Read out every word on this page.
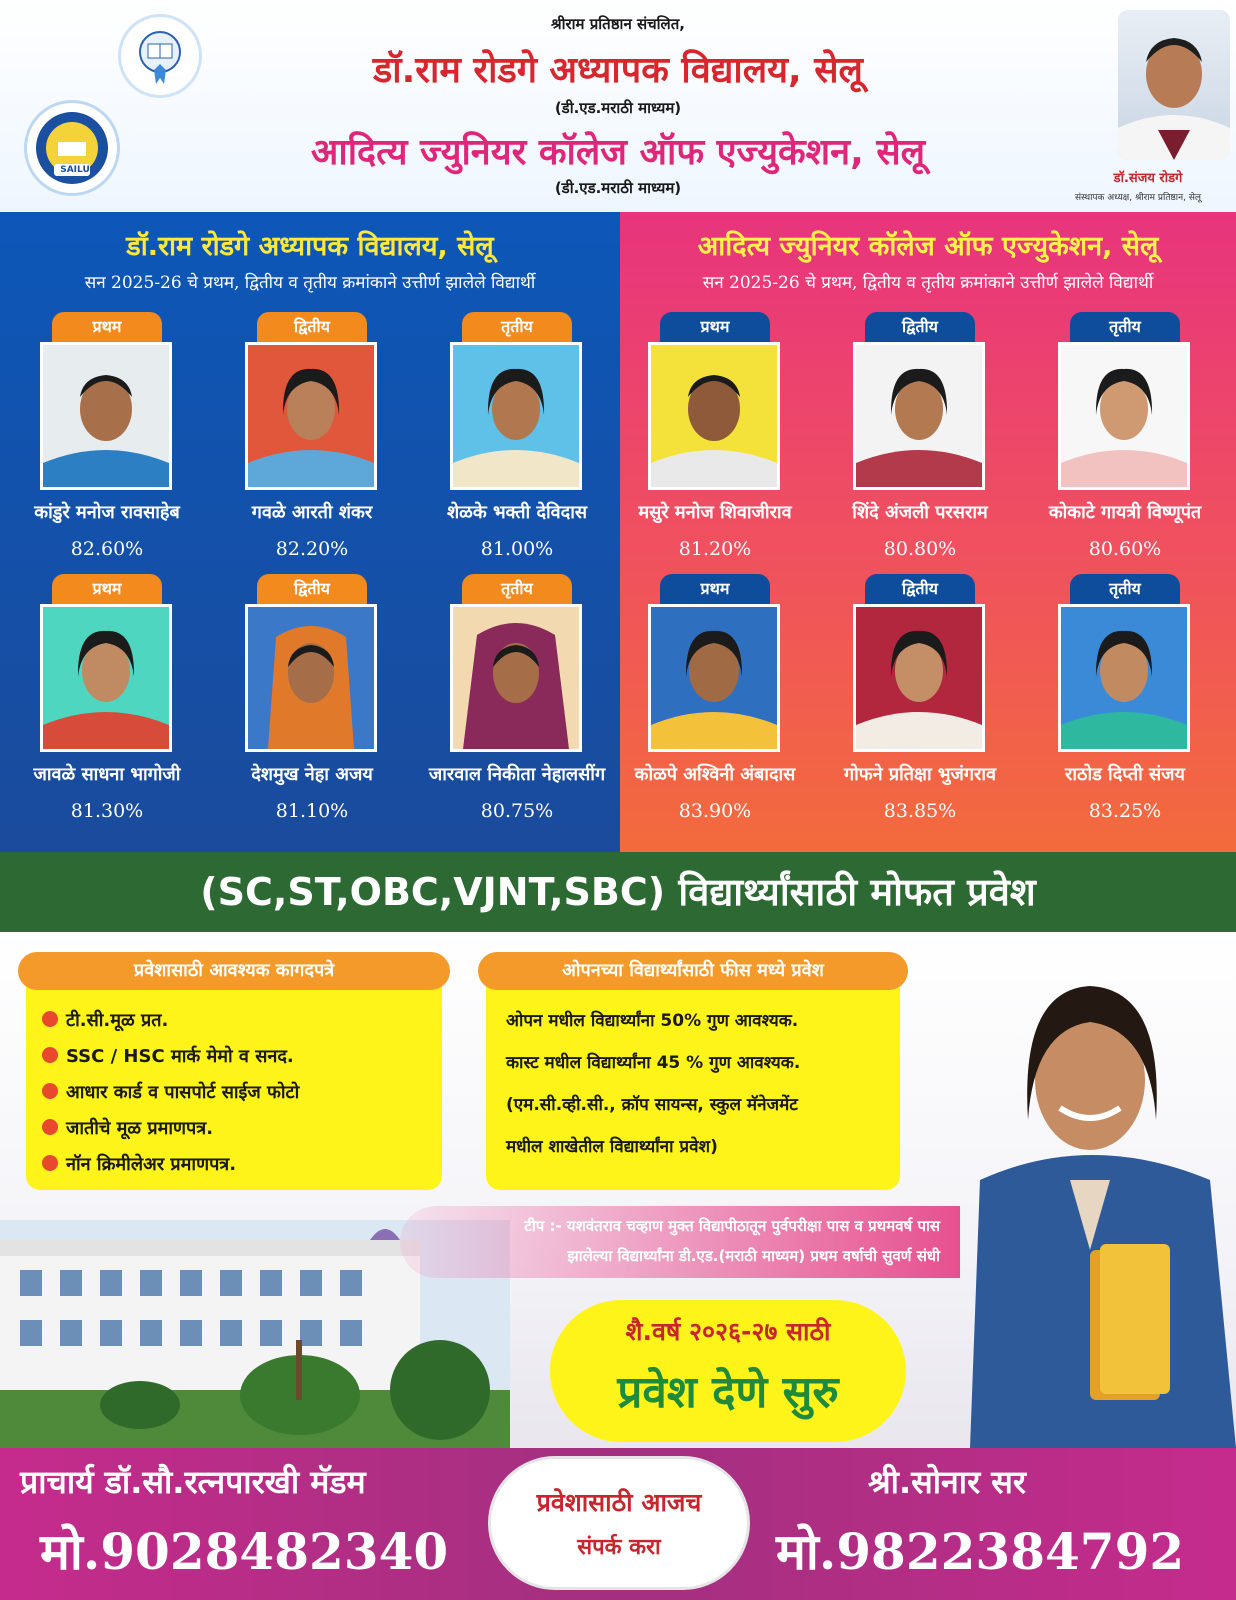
SAILU
श्रीराम प्रतिष्ठान संचलित,
डॉ.राम रोडगे अध्यापक विद्यालय, सेलू
(डी.एड.मराठी माध्यम)
आदित्य ज्युनियर कॉलेज ऑफ एज्युकेशन, सेलू
(डी.एड.मराठी माध्यम)
डॉ.संजय रोडगे
संस्थापक अध्यक्ष, श्रीराम प्रतिष्ठान, सेलू
डॉ.राम रोडगे अध्यापक विद्यालय, सेलू
सन 2025-26 चे प्रथम, द्वितीय व तृतीय क्रमांकाने उत्तीर्ण झालेले विद्यार्थी
प्रथम
कांडुरे मनोज रावसाहेब
82.60%
द्वितीय
गवळे आरती शंकर
82.20%
तृतीय
शेळके भक्ती देविदास
81.00%
प्रथम
जावळे साधना भागोजी
81.30%
द्वितीय
देशमुख नेहा अजय
81.10%
तृतीय
जारवाल निकीता नेहालसींग
80.75%
आदित्य ज्युनियर कॉलेज ऑफ एज्युकेशन, सेलू
सन 2025-26 चे प्रथम, द्वितीय व तृतीय क्रमांकाने उत्तीर्ण झालेले विद्यार्थी
प्रथम
मसुरे मनोज शिवाजीराव
81.20%
द्वितीय
शिंदे अंजली परसराम
80.80%
तृतीय
कोकाटे गायत्री विष्णूपंत
80.60%
प्रथम
कोळपे अश्विनी अंबादास
83.90%
द्वितीय
गोफने प्रतिक्षा भुजंगराव
83.85%
तृतीय
राठोड दिप्ती संजय
83.25%
(SC,ST,OBC,VJNT,SBC) विद्यार्थ्यांसाठी मोफत प्रवेश
प्रवेशासाठी आवश्यक कागदपत्रे
टी.सी.मूळ प्रत.
SSC / HSC मार्क मेमो व सनद.
आधार कार्ड व पासपोर्ट साईज फोटो
जातीचे मूळ प्रमाणपत्र.
नॉन क्रिमीलेअर प्रमाणपत्र.
ओपनच्या विद्यार्थ्यांसाठी फीस मध्ये प्रवेश
ओपन मधील विद्यार्थ्यांना 50% गुण आवश्यक.
कास्ट मधील विद्यार्थ्यांना 45 % गुण आवश्यक.
(एम.सी.व्ही.सी., क्रॉप सायन्स, स्कुल मॅनेजमेंट
मधील शाखेतील विद्यार्थ्यांना प्रवेश)
टीप :- यशवंतराव चव्हाण मुक्त विद्यापीठातून पुर्वपरीक्षा पास व प्रथमवर्ष पास
झालेल्या विद्यार्थ्यांना डी.एड.(मराठी माध्यम) प्रथम वर्षाची सुवर्ण संधी
शै.वर्ष २०२६-२७ साठी
प्रवेश देणे सुरु
प्राचार्य डॉ.सौ.रत्नपारखी मॅडम
मो.9028482340
श्री.सोनार सर
मो.9822384792
प्रवेशासाठी आजच
संपर्क करा
